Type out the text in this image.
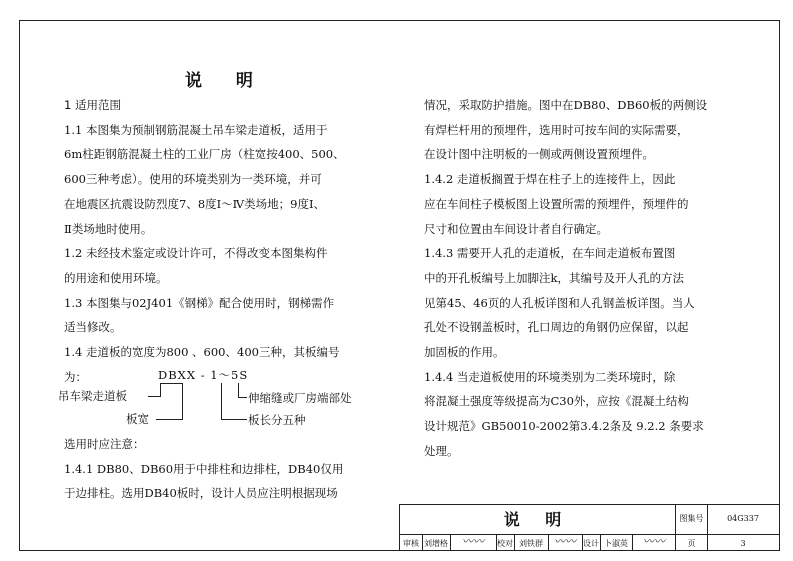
说 明

1 适用范围

1.1 本图集为预制钢筋混凝土吊车梁走道板，适用于

6m柱距钢筋混凝土柱的工业厂房（柱宽按400、500、

600三种考虑）。使用的环境类别为一类环境，并可

在地震区抗震设防烈度7、8度Ⅰ～Ⅳ类场地；9度Ⅰ、

Ⅱ类场地时使用。

1.2 未经技术鉴定或设计许可，不得改变本图集构件

的用途和使用环境。

1.3 本图集与02J401《钢梯》配合使用时，钢梯需作

适当修改。

1.4 走道板的宽度为800 、600、400三种，其板编号

为：	DBXX - 1～5S
吊车梁走道板
板宽
伸缩缝或厂房端部处
板长分五种

选用时应注意：

1.4.1 DB80、DB60用于中排柱和边排柱，DB40仅用

于边排柱。选用DB40板时，设计人员应注明根据现场

情况，采取防护措施。图中在DB80、DB60板的两侧设

有焊栏杆用的预埋件，选用时可按车间的实际需要，

在设计图中注明板的一侧或两侧设置预埋件。

1.4.2 走道板搁置于焊在柱子上的连接件上，因此

应在车间柱子模板图上设置所需的预埋件，预埋件的

尺寸和位置由车间设计者自行确定。

1.4.3 需要开人孔的走道板，在车间走道板布置图

中的开孔板编号上加脚注k，其编号及开人孔的方法

见第45、46页的人孔板详图和人孔钢盖板详图。当人

孔处不设钢盖板时，孔口周边的角钢仍应保留，以起

加固板的作用。

1.4.4 当走道板使用的环境类别为二类环境时，除

将混凝土强度等级提高为C30外，应按《混凝土结构

设计规范》GB50010-2002第3.4.2条及 9.2.2 条要求

处理。

说 明	图集号	04G337
页	3
审核 刘增格	〰〰	校对 刘铁群	〰〰 设计 卜淑英	〰〰
